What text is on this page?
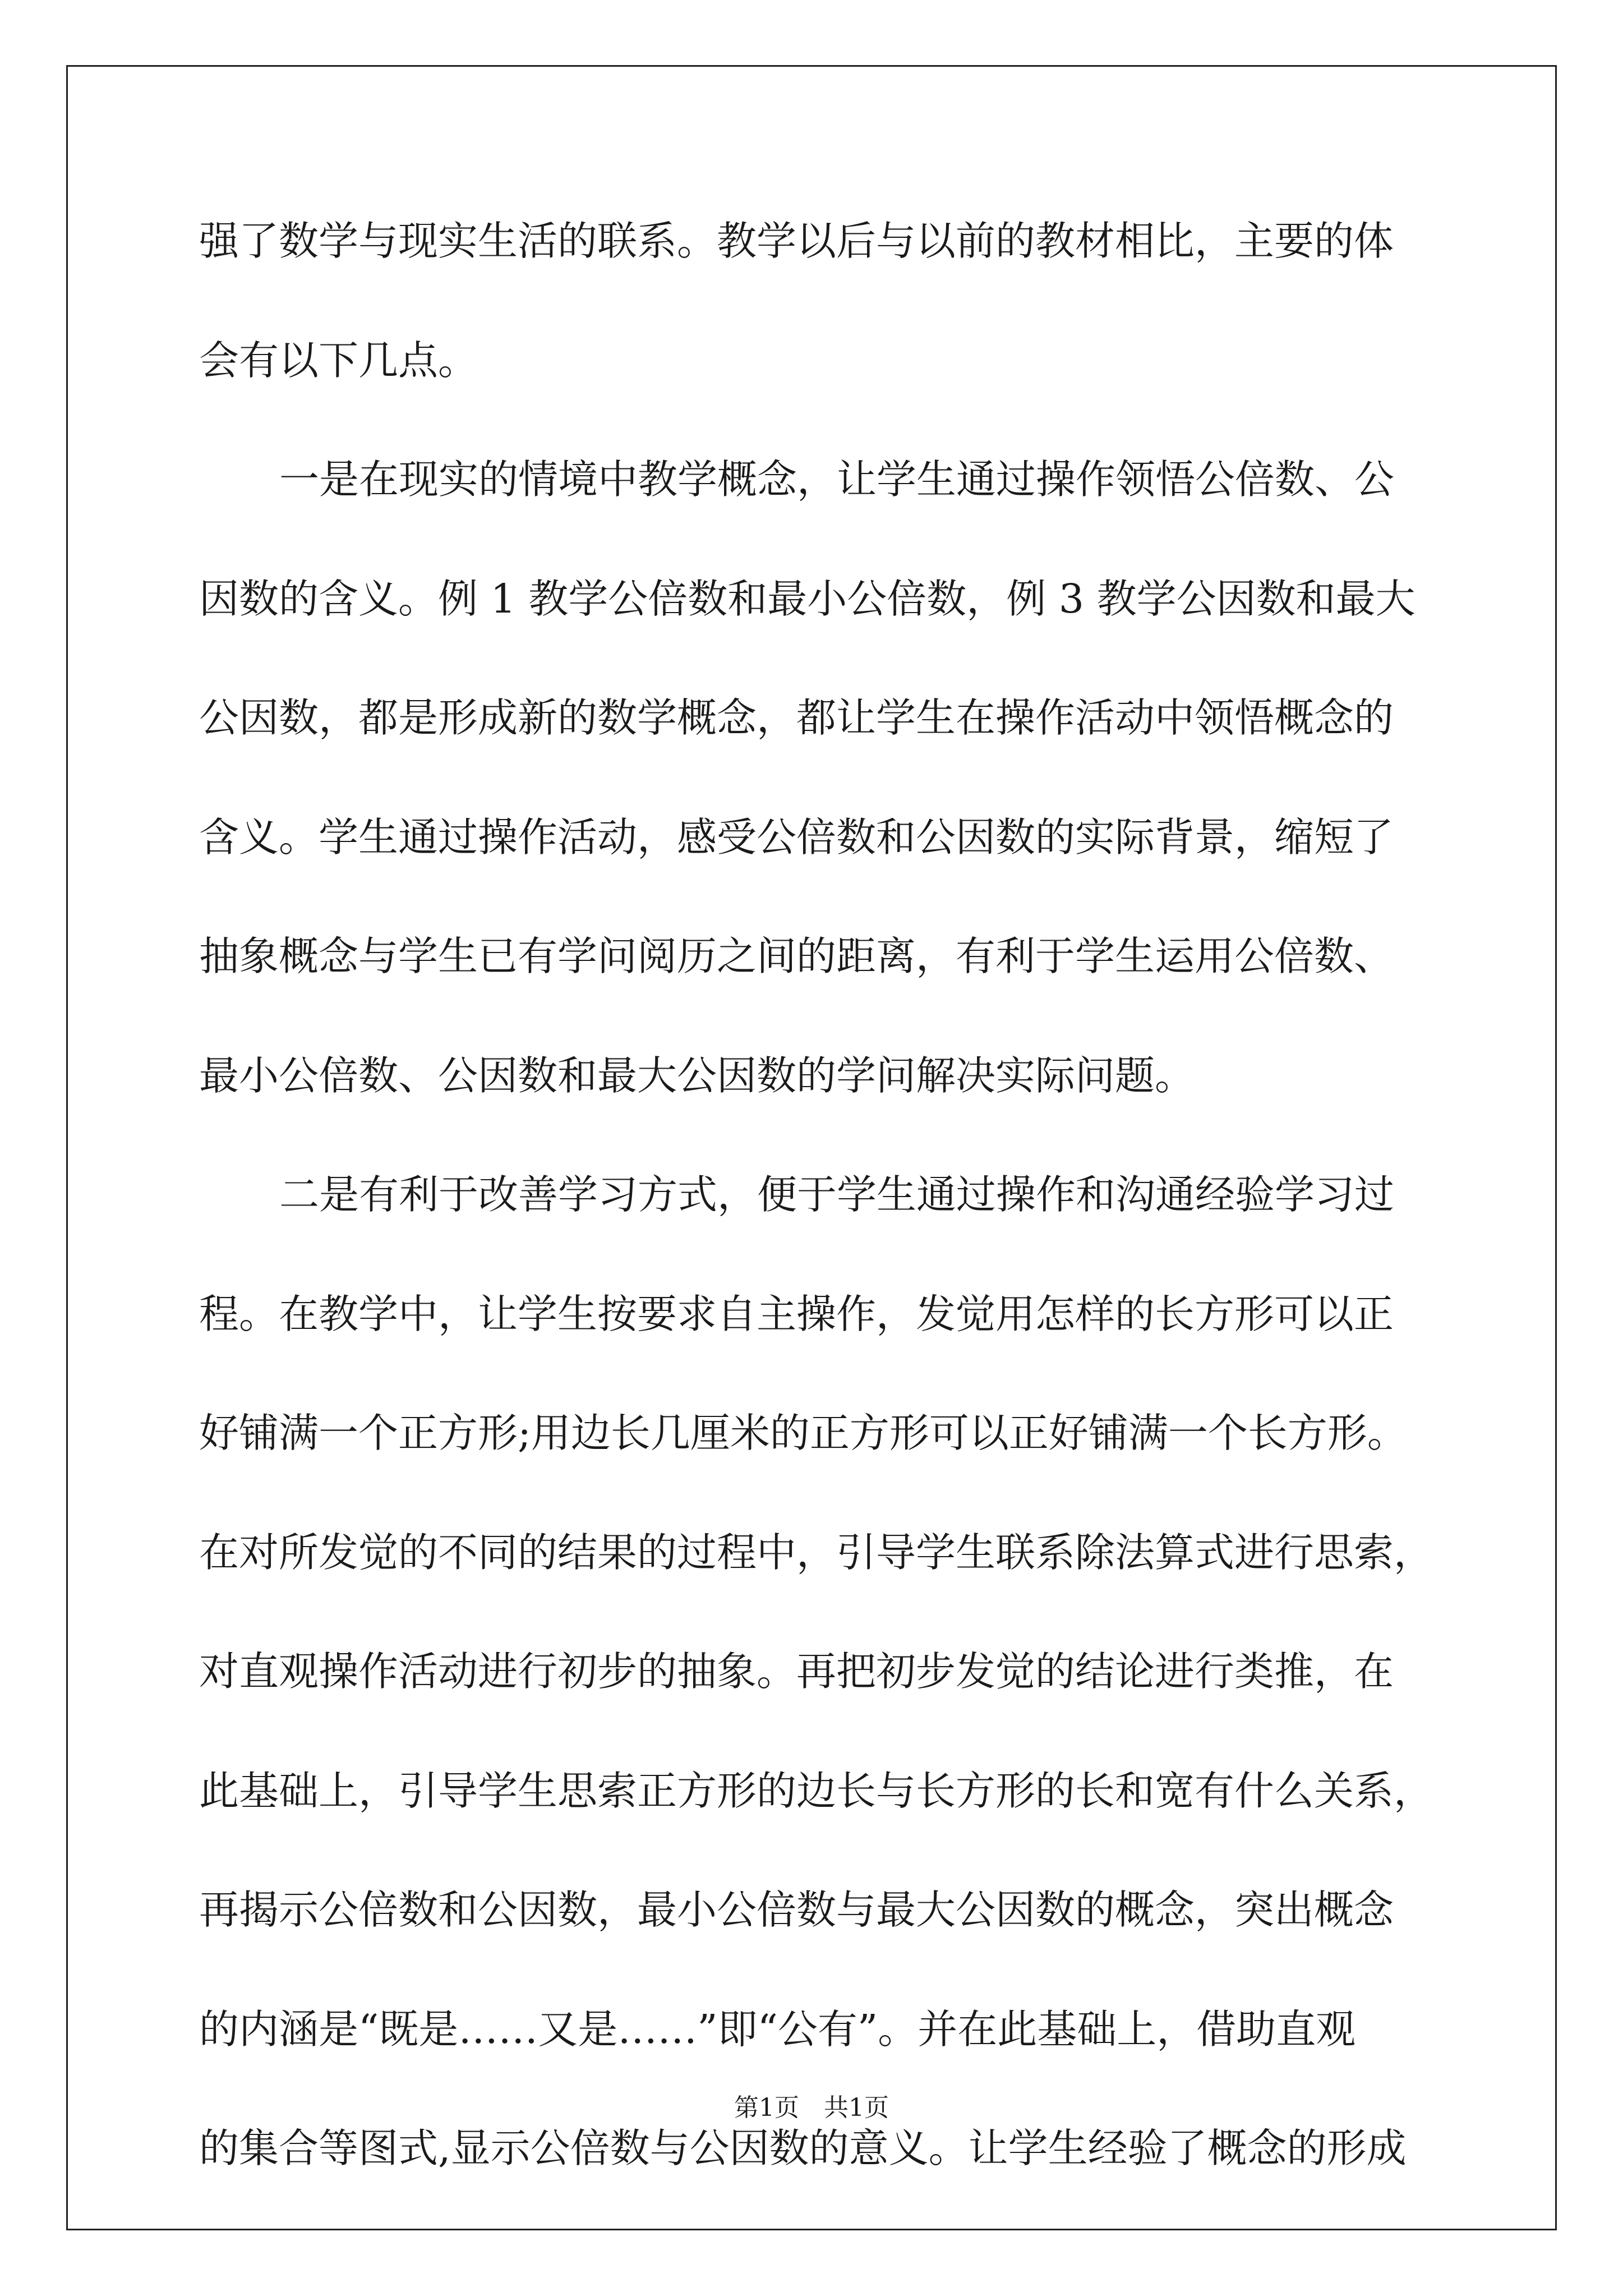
强了数学与现实生活的联系。教学以后与以前的教材相比，主要的体
会有以下几点。
一是在现实的情境中教学概念，让学生通过操作领悟公倍数、公
因数的含义。例 1 教学公倍数和最小公倍数，例 3 教学公因数和最大
公因数，都是形成新的数学概念，都让学生在操作活动中领悟概念的
含义。学生通过操作活动，感受公倍数和公因数的实际背景，缩短了
抽象概念与学生已有学问阅历之间的距离，有利于学生运用公倍数、
最小公倍数、公因数和最大公因数的学问解决实际问题。
二是有利于改善学习方式，便于学生通过操作和沟通经验学习过
程。在教学中，让学生按要求自主操作，发觉用怎样的长方形可以正
好铺满一个正方形;用边长几厘米的正方形可以正好铺满一个长方形。
在对所发觉的不同的结果的过程中，引导学生联系除法算式进行思索，
对直观操作活动进行初步的抽象。再把初步发觉的结论进行类推，在
此基础上，引导学生思索正方形的边长与长方形的长和宽有什么关系，
再揭示公倍数和公因数，最小公倍数与最大公因数的概念，突出概念
的内涵是“既是……又是……”即“公有”。并在此基础上，借助直观
的集合等图式,显示公倍数与公因数的意义。让学生经验了概念的形成
第1页　共1页
